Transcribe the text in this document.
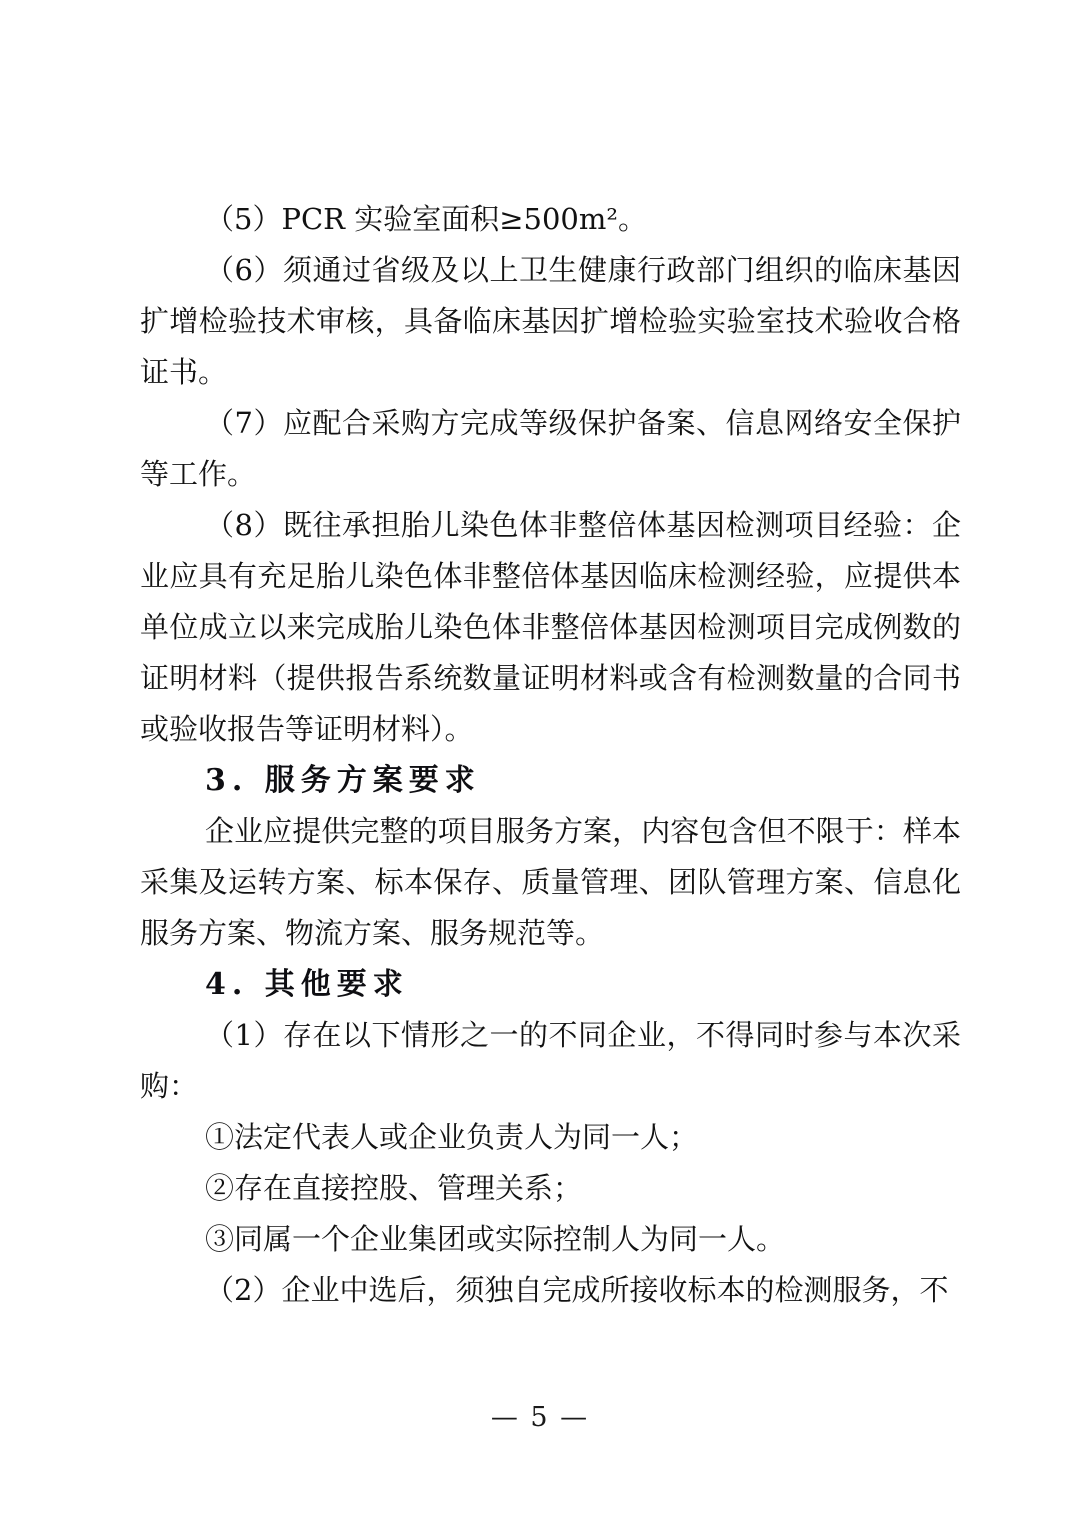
（5）PCR 实验室面积≥500m²。

（6）须通过省级及以上卫生健康行政部门组织的临床基因扩增检验技术审核，具备临床基因扩增检验实验室技术验收合格证书。

（7）应配合采购方完成等级保护备案、信息网络安全保护等工作。

（8）既往承担胎儿染色体非整倍体基因检测项目经验：企业应具有充足胎儿染色体非整倍体基因临床检测经验，应提供本单位成立以来完成胎儿染色体非整倍体基因检测项目完成例数的证明材料（提供报告系统数量证明材料或含有检测数量的合同书或验收报告等证明材料）。

3. 服务方案要求

企业应提供完整的项目服务方案，内容包含但不限于：样本采集及运转方案、标本保存、质量管理、团队管理方案、信息化服务方案、物流方案、服务规范等。

4. 其他要求

（1）存在以下情形之一的不同企业，不得同时参与本次采购：

①法定代表人或企业负责人为同一人；

②存在直接控股、管理关系；

③同属一个企业集团或实际控制人为同一人。

（2）企业中选后，须独自完成所接收标本的检测服务，不

— 5 —
